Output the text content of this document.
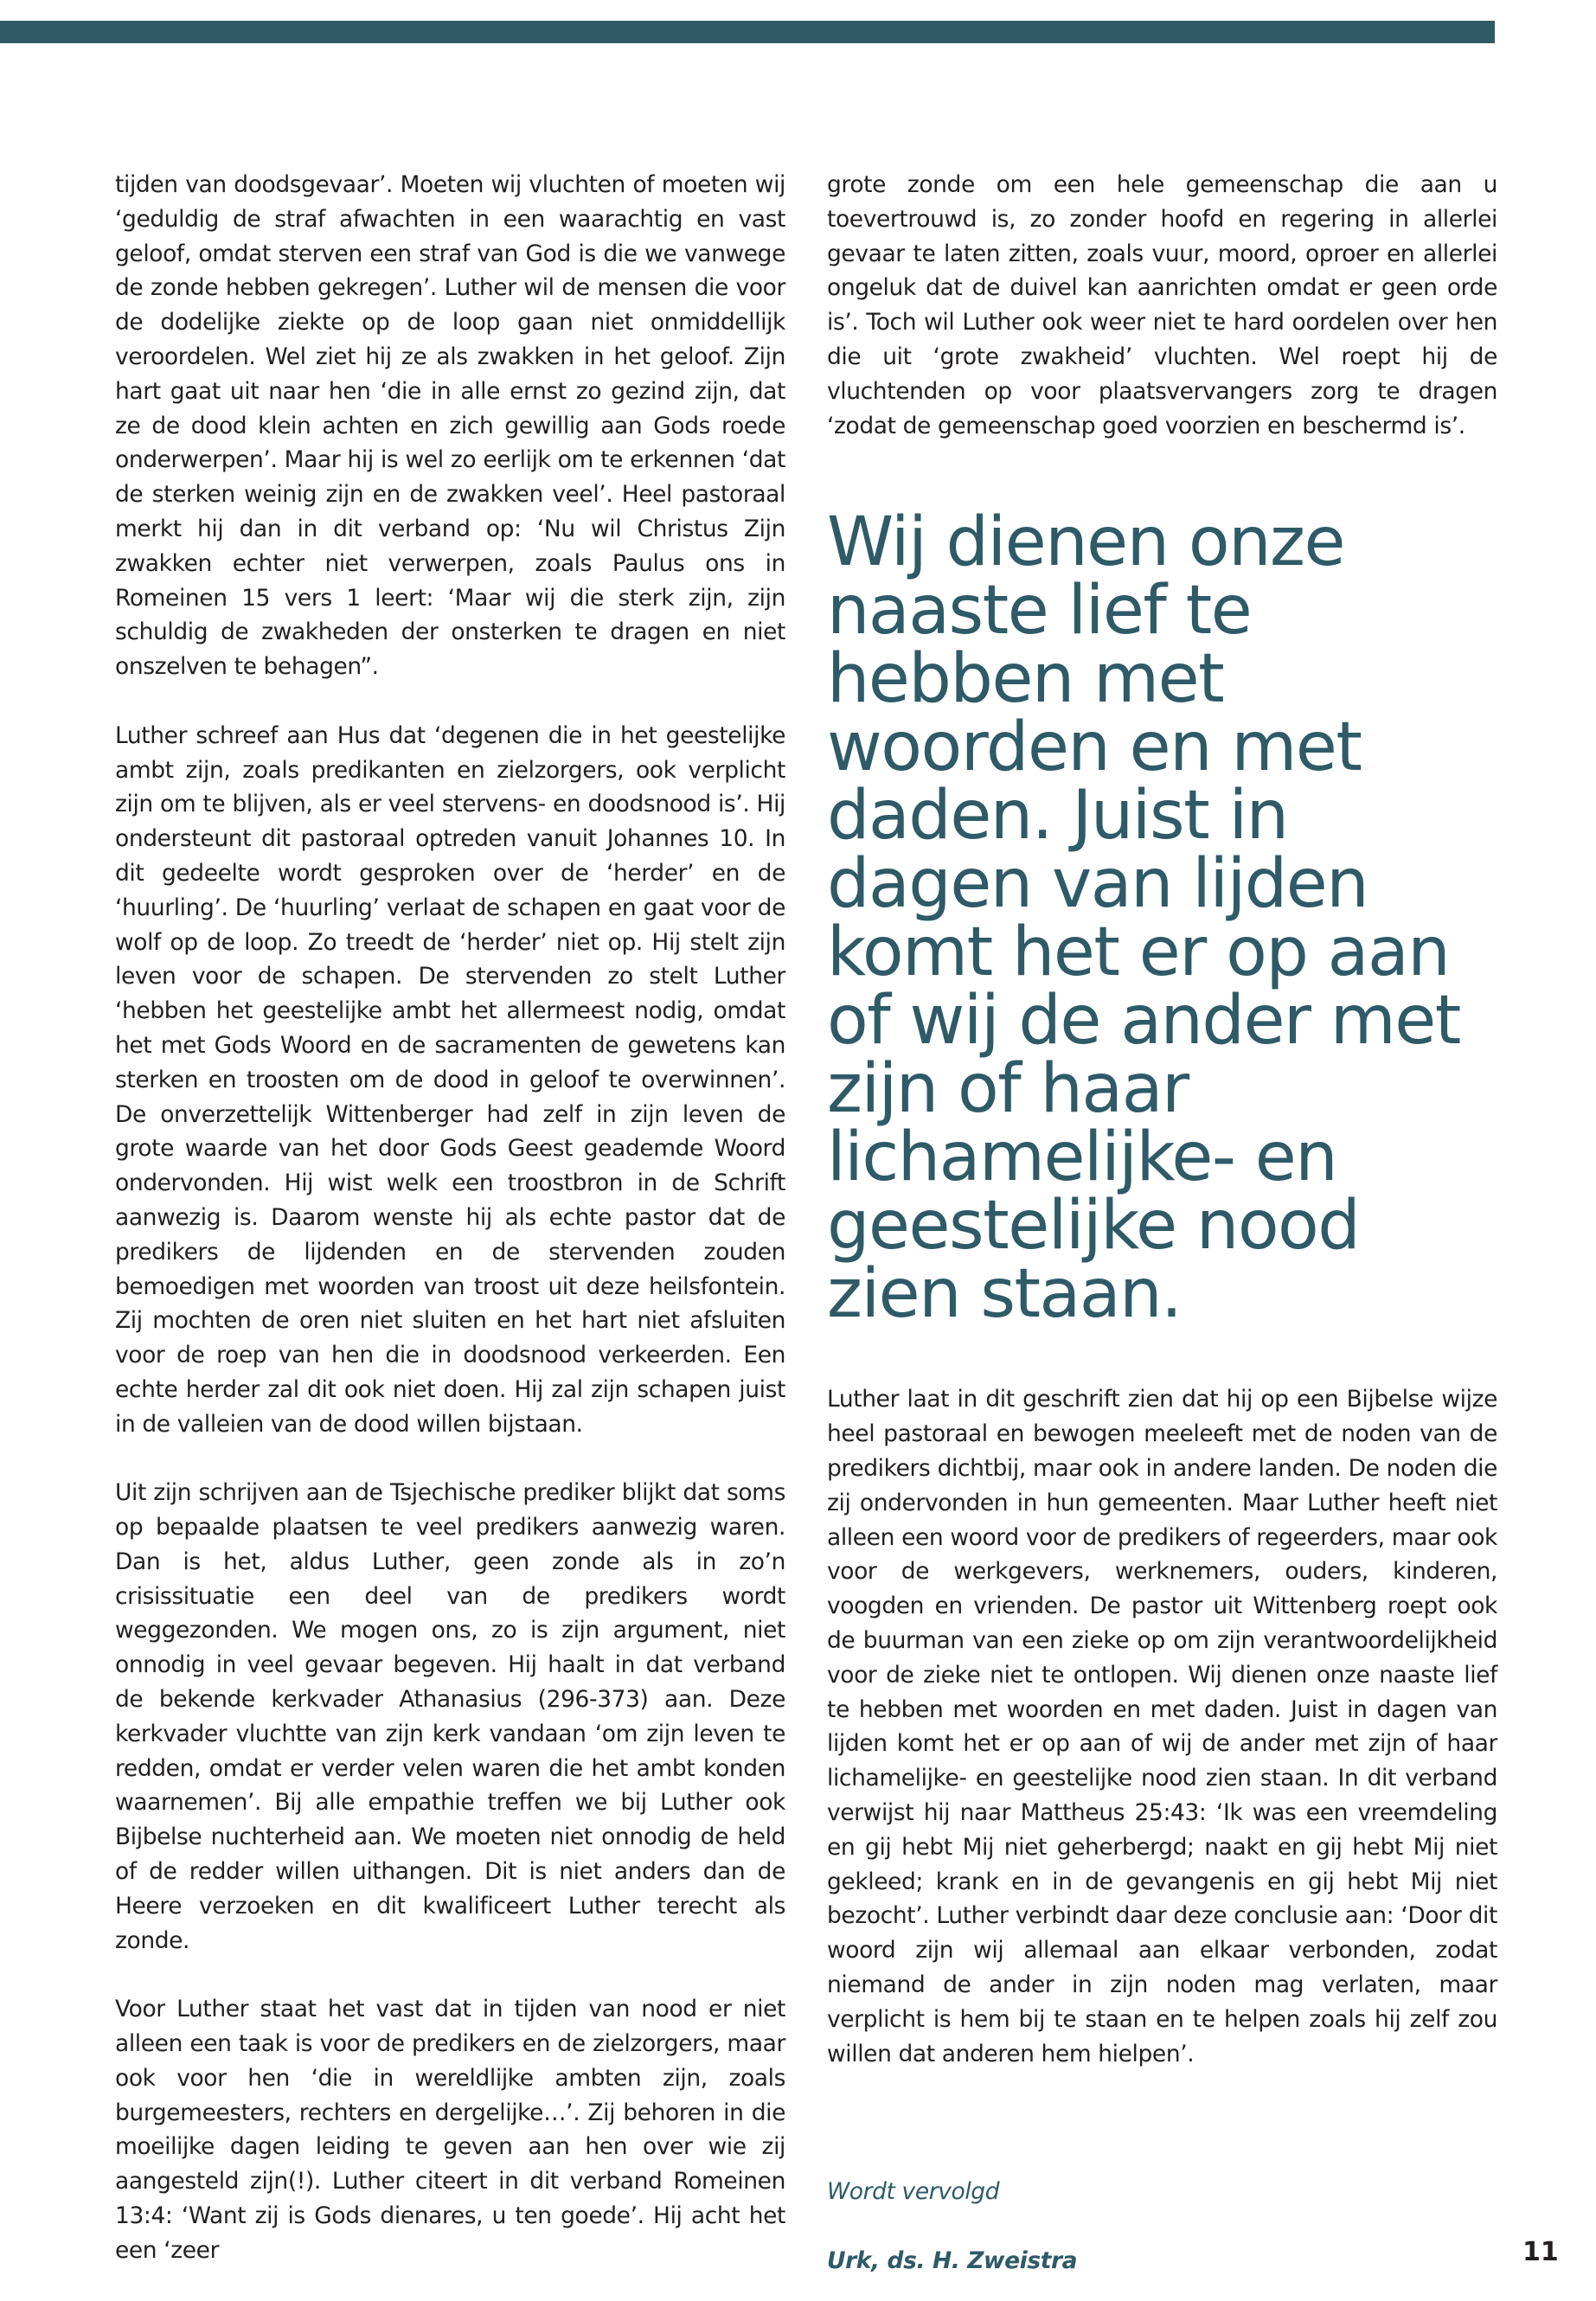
tijden van doodsgevaar’. Moeten wij vluchten of moeten wij ‘geduldig de straf afwachten in een waarachtig en vast geloof, omdat sterven een straf van God is die we vanwege de zonde hebben gekregen’. Luther wil de mensen die voor de dodelijke ziekte op de loop gaan niet onmiddellijk veroordelen. Wel ziet hij ze als zwakken in het geloof. Zijn hart gaat uit naar hen ‘die in alle ernst zo gezind zijn, dat ze de dood klein achten en zich gewillig aan Gods roede onderwerpen’. Maar hij is wel zo eerlijk om te erkennen ‘dat de sterken weinig zijn en de zwakken veel’. Heel pastoraal merkt hij dan in dit verband op: ‘Nu wil Christus Zijn zwakken echter niet verwerpen, zoals Paulus ons in Romeinen 15 vers 1 leert: ‘Maar wij die sterk zijn, zijn schuldig de zwakheden der onsterken te dragen en niet onszelven te behagen”.

Luther schreef aan Hus dat ‘degenen die in het geestelijke ambt zijn, zoals predikanten en zielzorgers, ook verplicht zijn om te blijven, als er veel stervens- en doodsnood is’. Hij ondersteunt dit pastoraal optreden vanuit Johannes 10. In dit gedeelte wordt gesproken over de ‘herder’ en de ‘huurling’. De ‘huurling’ verlaat de schapen en gaat voor de wolf op de loop. Zo treedt de ‘herder’ niet op. Hij stelt zijn leven voor de schapen. De stervenden zo stelt Luther ‘hebben het geestelijke ambt het allermeest nodig, omdat het met Gods Woord en de sacramenten de gewetens kan sterken en troosten om de dood in geloof te overwinnen’. De onverzettelijk Wittenberger had zelf in zijn leven de grote waarde van het door Gods Geest geademde Woord ondervonden. Hij wist welk een troostbron in de Schrift aanwezig is. Daarom wenste hij als echte pastor dat de predikers de lijdenden en de stervenden zouden bemoedigen met woorden van troost uit deze heilsfontein. Zij mochten de oren niet sluiten en het hart niet afsluiten voor de roep van hen die in doodsnood verkeerden. Een echte herder zal dit ook niet doen. Hij zal zijn schapen juist in de valleien van de dood willen bijstaan.

Uit zijn schrijven aan de Tsjechische prediker blijkt dat soms op bepaalde plaatsen te veel predikers aanwezig waren. Dan is het, aldus Luther, geen zonde als in zo’n crisissituatie een deel van de predikers wordt weggezonden. We mogen ons, zo is zijn argument, niet onnodig in veel gevaar begeven. Hij haalt in dat verband de bekende kerkvader Athanasius (296-373) aan. Deze kerkvader vluchtte van zijn kerk vandaan ‘om zijn leven te redden, omdat er verder velen waren die het ambt konden waarnemen’. Bij alle empathie treffen we bij Luther ook Bijbelse nuchterheid aan. We moeten niet onnodig de held of de redder willen uithangen. Dit is niet anders dan de Heere verzoeken en dit kwalificeert Luther terecht als zonde.

Voor Luther staat het vast dat in tijden van nood er niet alleen een taak is voor de predikers en de zielzorgers, maar ook voor hen ‘die in wereldlijke ambten zijn, zoals burgemeesters, rechters en dergelijke…’. Zij behoren in die moeilijke dagen leiding te geven aan hen over wie zij aangesteld zijn(!). Luther citeert in dit verband Romeinen 13:4: ‘Want zij is Gods dienares, u ten goede’. Hij acht het een ‘zeer

grote zonde om een hele gemeenschap die aan u toevertrouwd is, zo zonder hoofd en regering in allerlei gevaar te laten zitten, zoals vuur, moord, oproer en allerlei ongeluk dat de duivel kan aanrichten omdat er geen orde is’. Toch wil Luther ook weer niet te hard oordelen over hen die uit ‘grote zwakheid’ vluchten. Wel roept hij de vluchtenden op voor plaatsvervangers zorg te dragen ‘zodat de gemeenschap goed voorzien en beschermd is’.

Wij dienen onze naaste lief te hebben met woorden en met daden. Juist in dagen van lijden komt het er op aan of wij de ander met zijn of haar lichamelijke- en geestelijke nood zien staan.

Luther laat in dit geschrift zien dat hij op een Bijbelse wijze heel pastoraal en bewogen meeleeft met de noden van de predikers dichtbij, maar ook in andere landen. De noden die zij ondervonden in hun gemeenten. Maar Luther heeft niet alleen een woord voor de predikers of regeerders, maar ook voor de werkgevers, werknemers, ouders, kinderen, voogden en vrienden. De pastor uit Wittenberg roept ook de buurman van een zieke op om zijn verantwoordelijkheid voor de zieke niet te ontlopen. Wij dienen onze naaste lief te hebben met woorden en met daden. Juist in dagen van lijden komt het er op aan of wij de ander met zijn of haar lichamelijke- en geestelijke nood zien staan. In dit verband verwijst hij naar Mattheus 25:43: ‘Ik was een vreemdeling en gij hebt Mij niet geherbergd; naakt en gij hebt Mij niet gekleed; krank en in de gevangenis en gij hebt Mij niet bezocht’. Luther verbindt daar deze conclusie aan: ‘Door dit woord zijn wij allemaal aan elkaar verbonden, zodat niemand de ander in zijn noden mag verlaten, maar verplicht is hem bij te staan en te helpen zoals hij zelf zou willen dat anderen hem hielpen’.

Wordt vervolgd
Urk, ds. H. Zweistra	11
